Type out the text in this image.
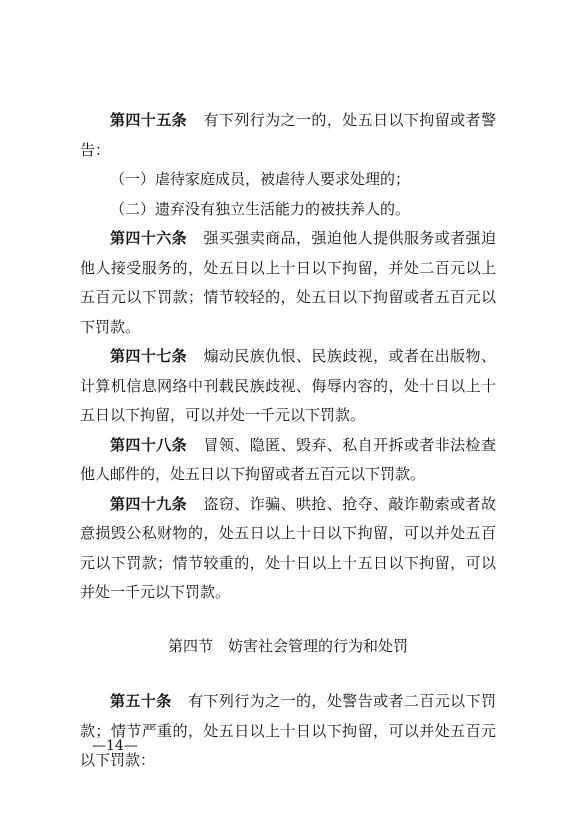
第四十五条 有下列行为之一的，处五日以下拘留或者警告：

（一）虐待家庭成员，被虐待人要求处理的；

（二）遗弃没有独立生活能力的被扶养人的。

第四十六条 强买强卖商品，强迫他人提供服务或者强迫他人接受服务的，处五日以上十日以下拘留，并处二百元以上五百元以下罚款；情节较轻的，处五日以下拘留或者五百元以下罚款。

第四十七条 煽动民族仇恨、民族歧视，或者在出版物、计算机信息网络中刊载民族歧视、侮辱内容的，处十日以上十五日以下拘留，可以并处一千元以下罚款。

第四十八条 冒领、隐匿、毁弃、私自开拆或者非法检查他人邮件的，处五日以下拘留或者五百元以下罚款。

第四十九条 盗窃、诈骗、哄抢、抢夺、敲诈勒索或者故意损毁公私财物的，处五日以上十日以下拘留，可以并处五百元以下罚款；情节较重的，处十日以上十五日以下拘留，可以并处一千元以下罚款。

第四节　妨害社会管理的行为和处罚

第五十条 有下列行为之一的，处警告或者二百元以下罚款；情节严重的，处五日以上十日以下拘留，可以并处五百元以下罚款：

—14—
